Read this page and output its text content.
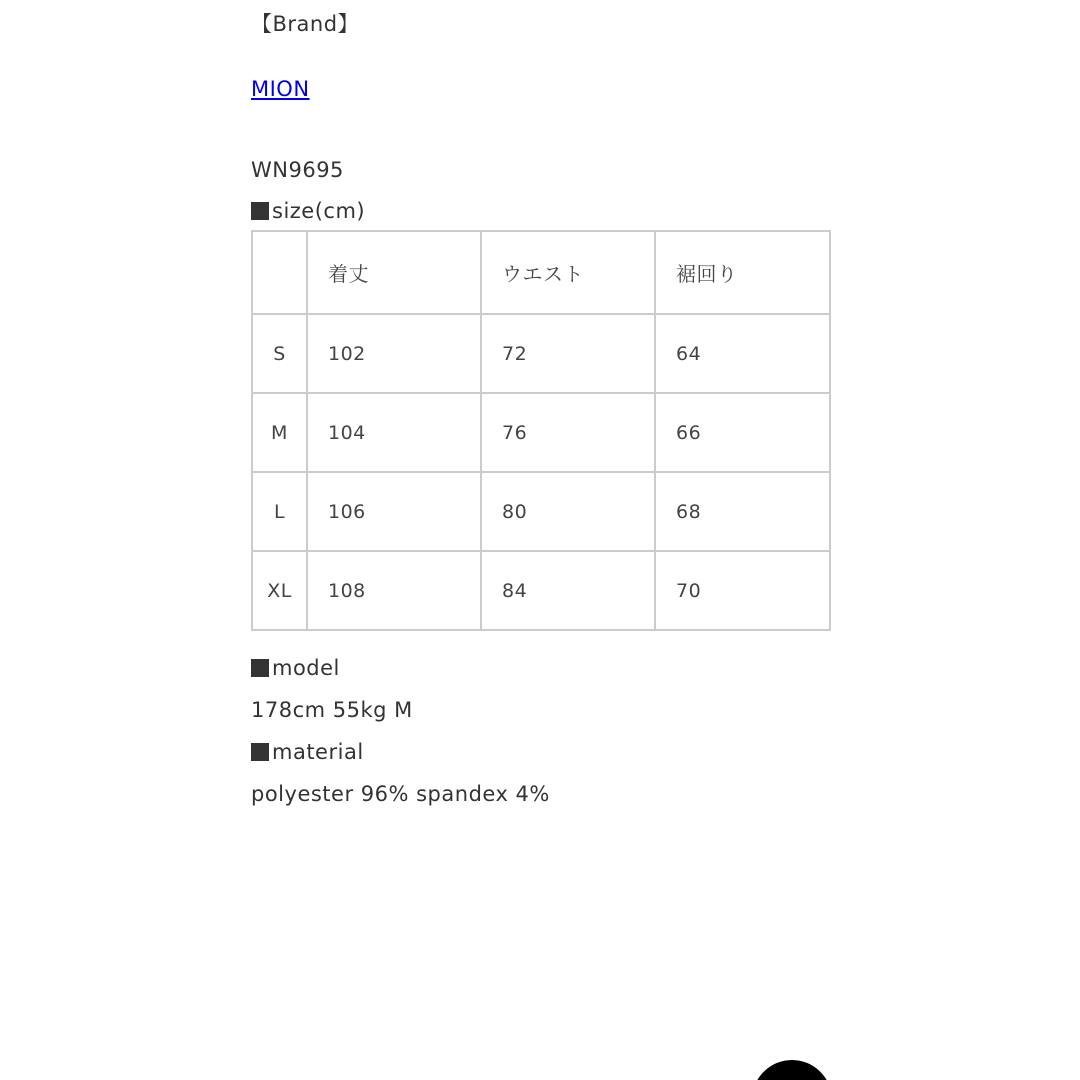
【Brand】
MION
WN9695
size(cm)
	着丈	ウエスト	裾回り
S	102	72	64
M	104	76	66
L	106	80	68
XL	108	84	70
model
178cm 55kg M
material
polyester 96% spandex 4%
